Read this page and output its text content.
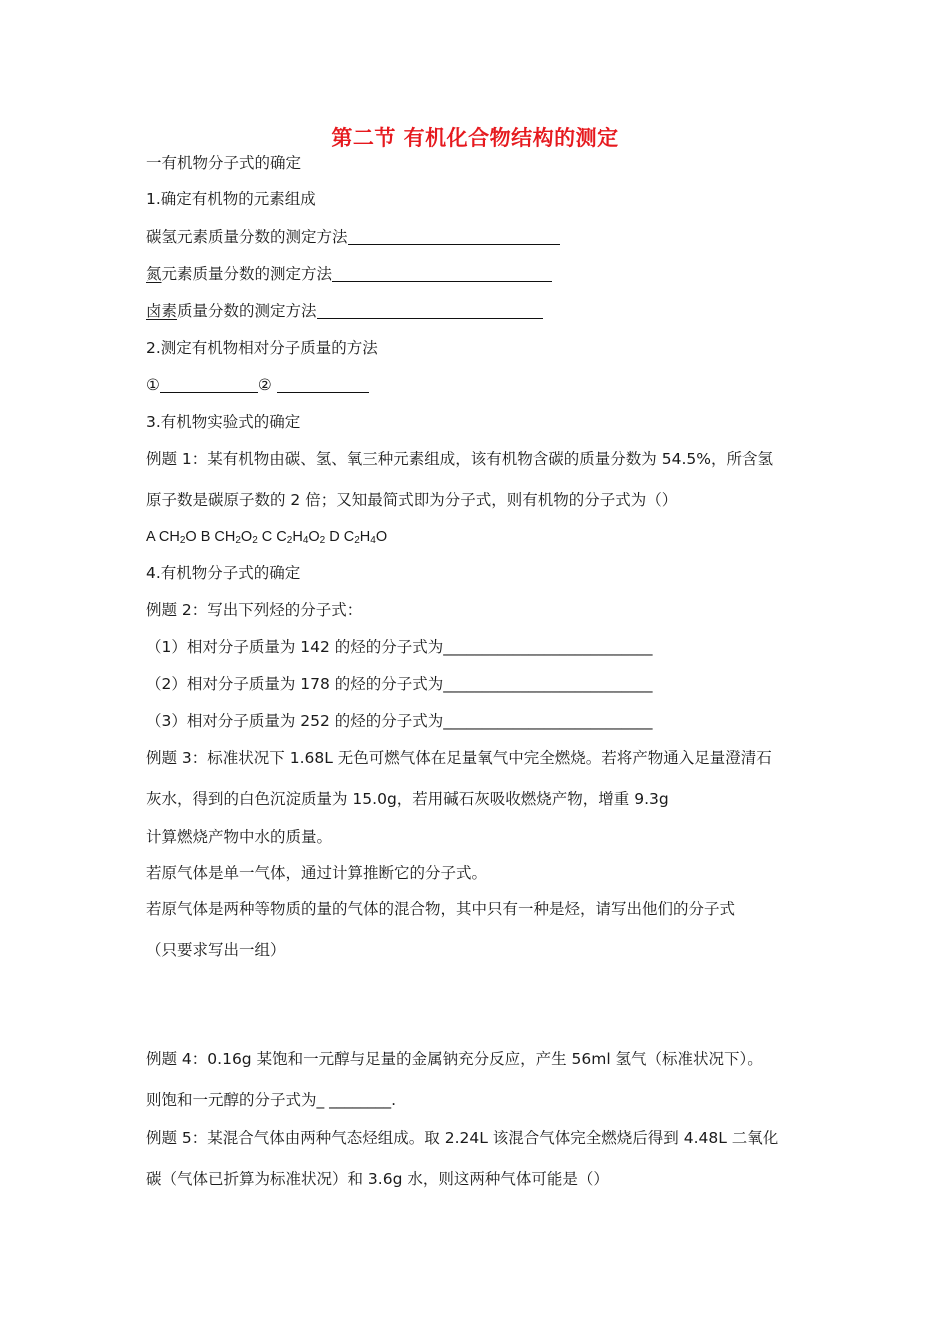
第二节 有机化合物结构的测定
一有机物分子式的确定
1.确定有机物的元素组成
碳氢元素质量分数的测定方法
氮元素质量分数的测定方法
卤素质量分数的测定方法
2.测定有机物相对分子质量的方法
①	②
3.有机物实验式的确定
例题 1：某有机物由碳、氢、氧三种元素组成，该有机物含碳的质量分数为 54.5%，所含氢
原子数是碳原子数的 2 倍；又知最简式即为分子式，则有机物的分子式为（）
A $CH_2O$ B $CH_2O_2$ C $C_2H_4O_2$ D $C_2H_4O$
4.有机物分子式的确定
例题 2：写出下列烃的分子式：
（1）相对分子质量为 142 的烃的分子式为___________________________
（2）相对分子质量为 178 的烃的分子式为___________________________
（3）相对分子质量为 252 的烃的分子式为___________________________
例题 3：标准状况下 1.68L 无色可燃气体在足量氧气中完全燃烧。若将产物通入足量澄清石
灰水，得到的白色沉淀质量为 15.0g，若用碱石灰吸收燃烧产物，增重 9.3g
计算燃烧产物中水的质量。
若原气体是单一气体，通过计算推断它的分子式。
若原气体是两种等物质的量的气体的混合物，其中只有一种是烃，请写出他们的分子式
（只要求写出一组）
例题 4：0.16g 某饱和一元醇与足量的金属钠充分反应，产生 56ml 氢气（标准状况下）。
则饱和一元醇的分子式为_ ________.
例题 5：某混合气体由两种气态烃组成。取 2.24L 该混合气体完全燃烧后得到 4.48L 二氧化
碳（气体已折算为标准状况）和 3.6g 水，则这两种气体可能是（）
